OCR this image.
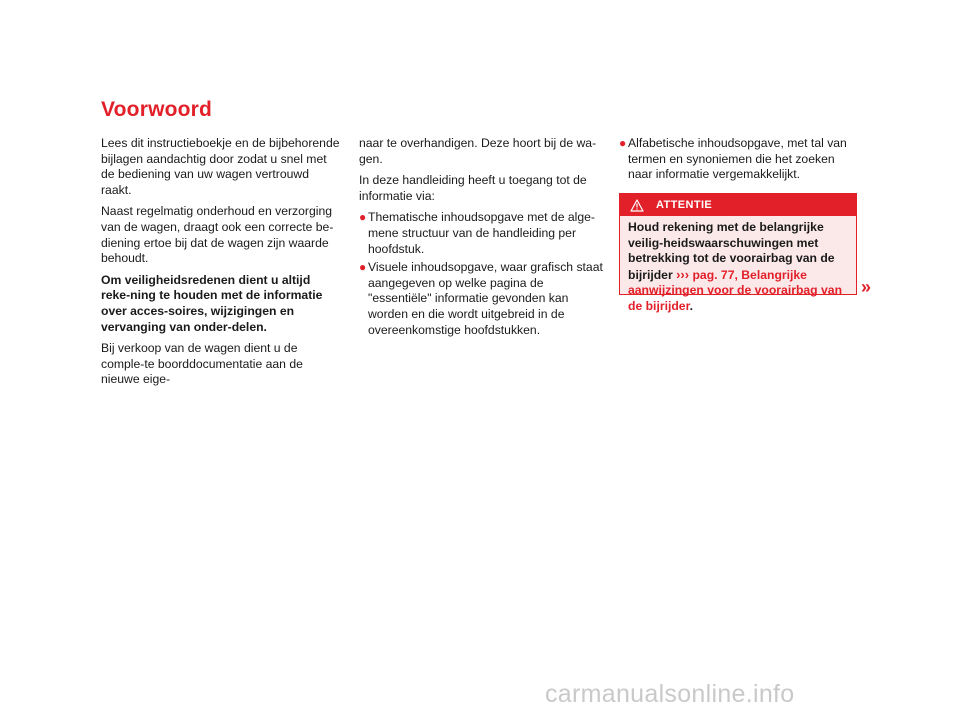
Voorwoord

Lees dit instructieboekje en de bijbehorende bijlagen aandachtig door zodat u snel met de bediening van uw wagen vertrouwd raakt.

Naast regelmatig onderhoud en verzorging van de wagen, draagt ook een correcte be-diening ertoe bij dat de wagen zijn waarde behoudt.

Om veiligheidsredenen dient u altijd reke-ning te houden met de informatie over acces-soires, wijzigingen en vervanging van onder-delen.

Bij verkoop van de wagen dient u de comple-te boorddocumentatie aan de nieuwe eige-

naar te overhandigen. Deze hoort bij de wa-gen.

In deze handleiding heeft u toegang tot de informatie via:

● Thematische inhoudsopgave met de alge-mene structuur van de handleiding per hoofdstuk.
● Visuele inhoudsopgave, waar grafisch staat aangegeven op welke pagina de "essentiële" informatie gevonden kan worden en die wordt uitgebreid in de overeenkomstige hoofdstukken.
● Alfabetische inhoudsopgave, met tal van termen en synoniemen die het zoeken naar informatie vergemakkelijkt.
ATTENTIE
Houd rekening met de belangrijke veilig-heidswaarschuwingen met betrekking tot de voorairbag van de bijrijder ››› pag. 77, Belangrijke aanwijzingen voor de voorairbag van de bijrijder.
»
carmanualsonline.info
